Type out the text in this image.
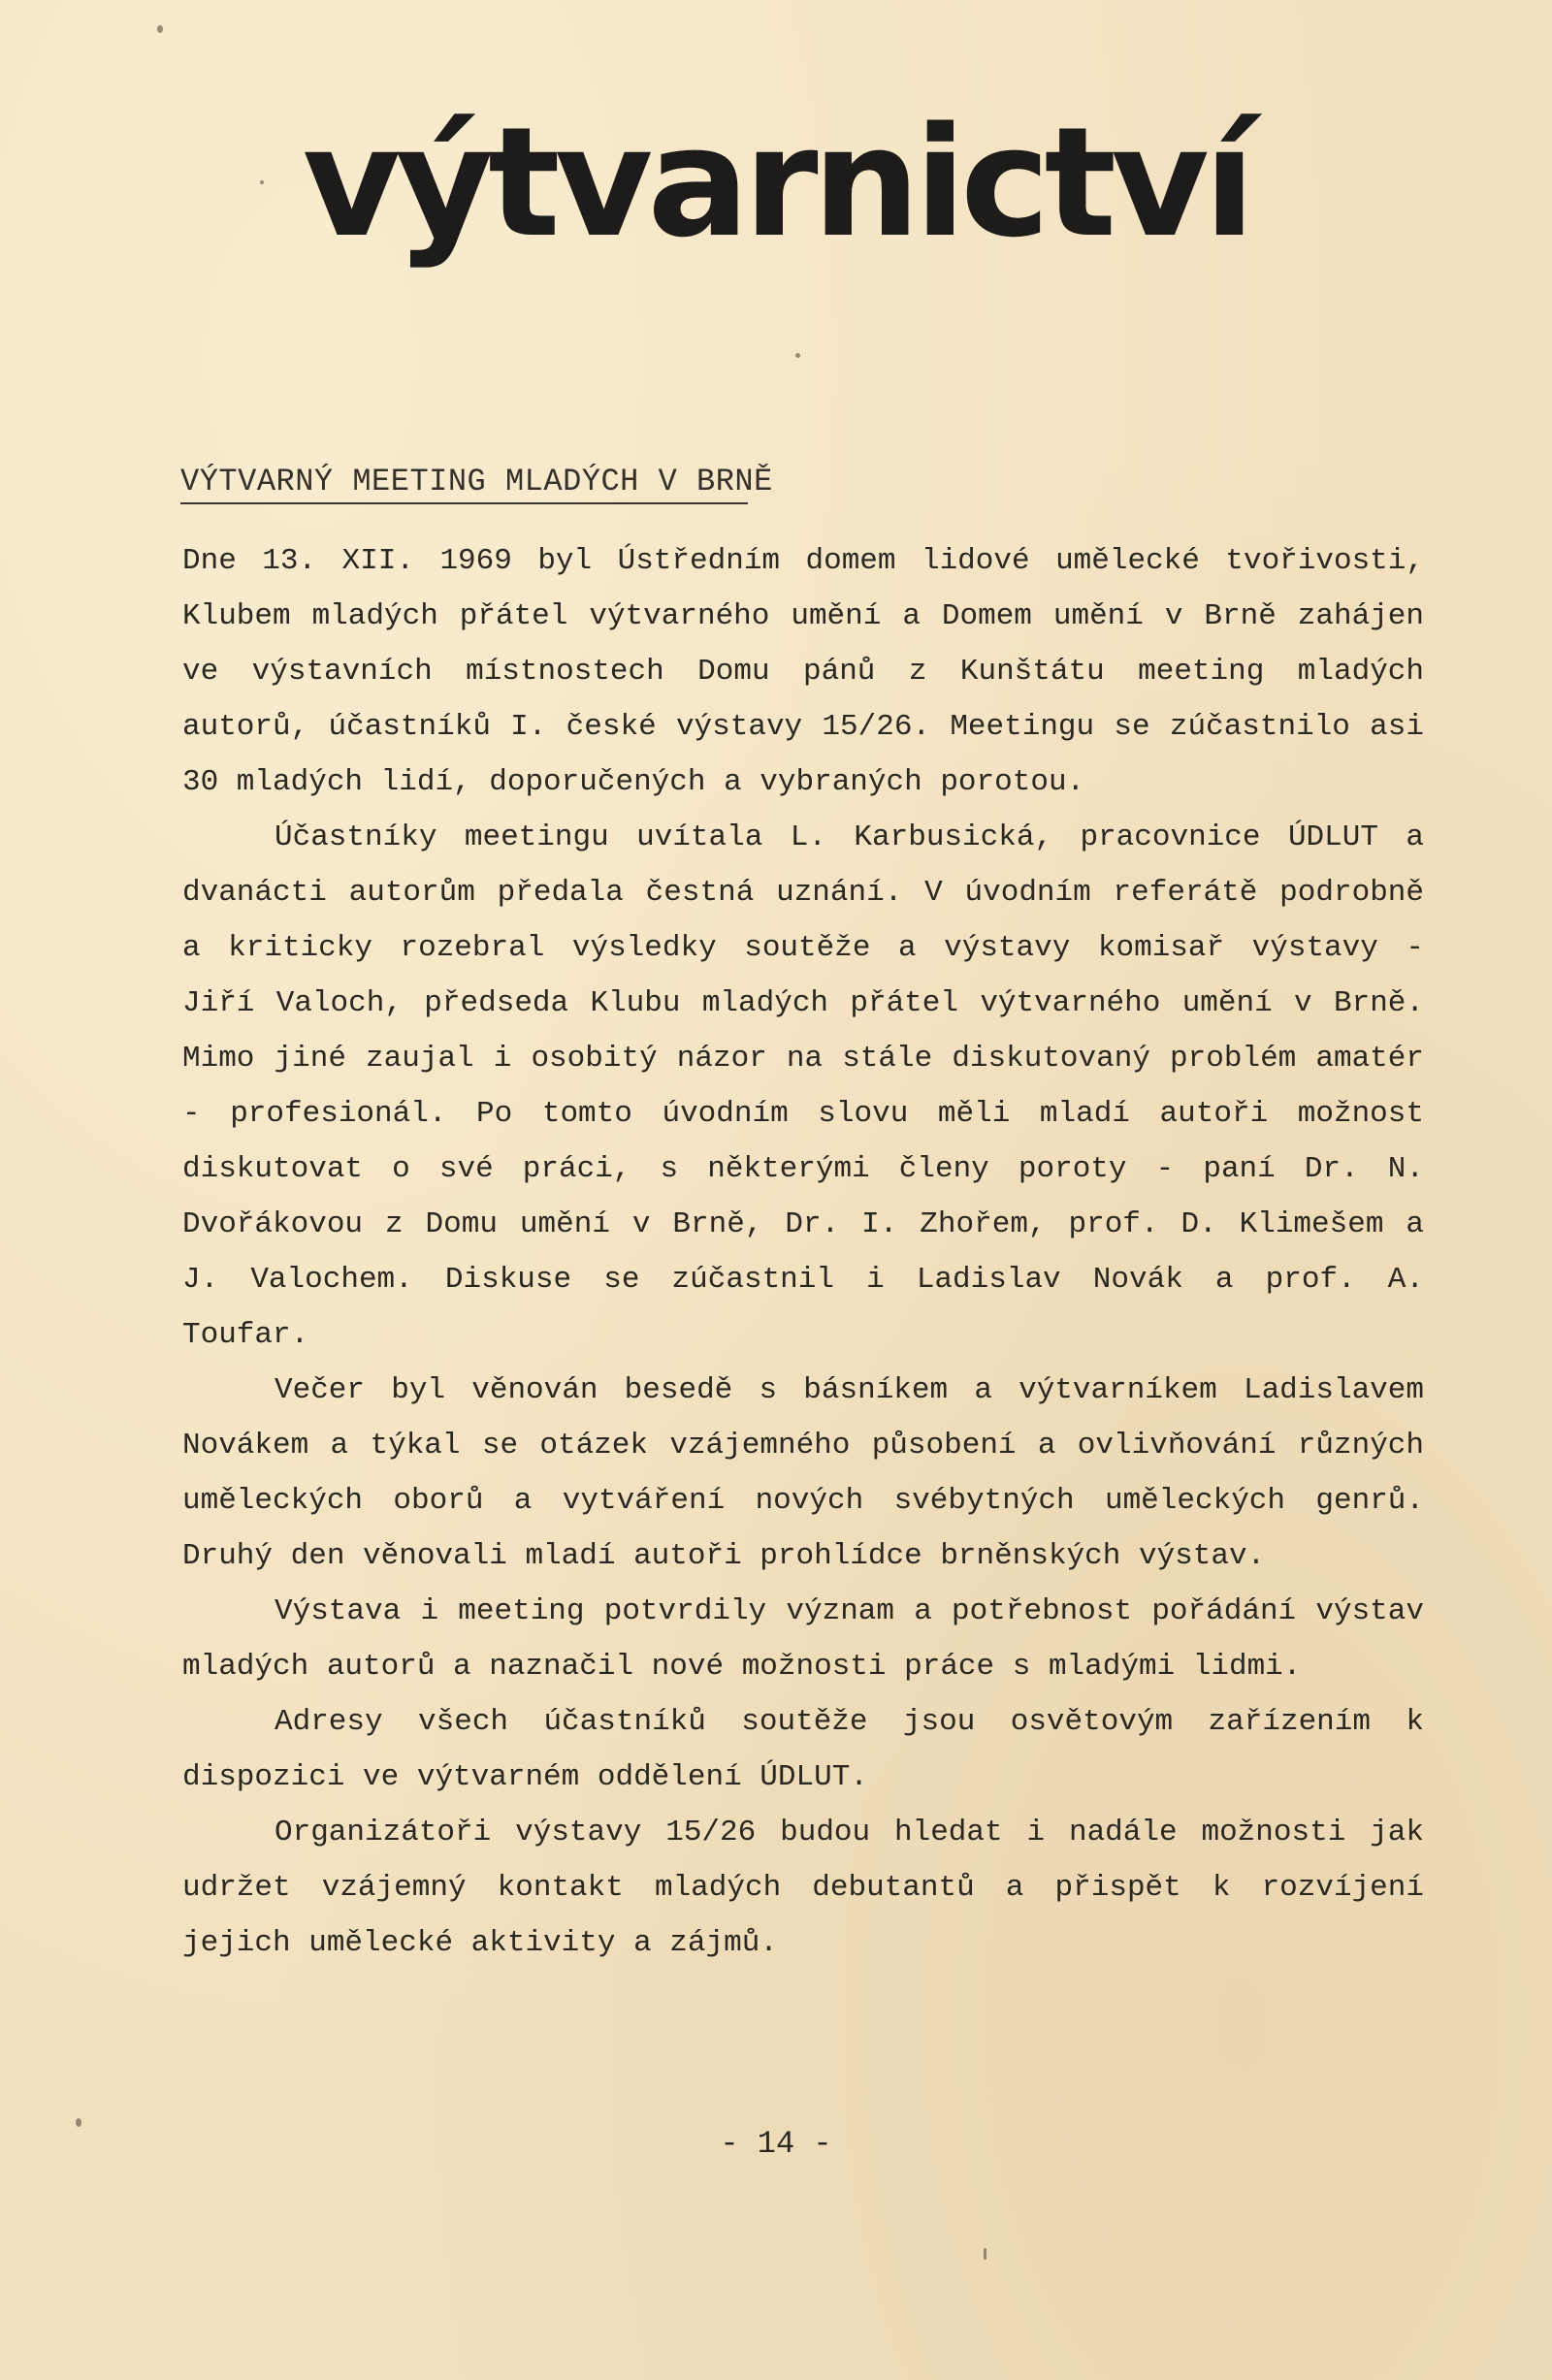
výtvarnictví
VÝTVARNÝ MEETING MLADÝCH V BRNĚ

Dne 13. XII. 1969 byl Ústředním domem lidové umělecké tvořivosti, Klubem mladých přátel výtvarného umění a Domem umění v Brně zahájen ve výstavních místnostech Domu pánů z Kunštátu meeting mladých autorů, účastníků I. české výstavy 15/26. Meetingu se zúčastnilo asi 30 mladých lidí, doporučených a vybraných porotou.

Účastníky meetingu uvítala L. Karbusická, pracovnice ÚDLUT a dvanácti autorům předala čestná uznání. V úvodním referátě podrobně a kriticky rozebral výsledky soutěže a výstavy komisař výstavy - Jiří Valoch, předseda Klubu mladých přátel výtvarného umění v Brně. Mimo jiné zaujal i osobitý názor na stále diskutovaný problém amatér - profesionál. Po tomto úvodním slovu měli mladí autoři možnost diskutovat o své práci, s některými členy poroty - paní Dr. N. Dvořákovou z Domu umění v Brně, Dr. I. Zhořem, prof. D. Klimešem a J. Valochem. Diskuse se zúčastnil i Ladislav Novák a prof. A. Toufar.

Večer byl věnován besedě s básníkem a výtvarníkem Ladislavem Novákem a týkal se otázek vzájemného působení a ovlivňování různých uměleckých oborů a vytváření nových svébytných uměleckých genrů. Druhý den věnovali mladí autoři prohlídce brněnských výstav.

Výstava i meeting potvrdily význam a potřebnost pořádání výstav mladých autorů a naznačil nové možnosti práce s mladými lidmi.

Adresy všech účastníků soutěže jsou osvětovým zařízením k dispozici ve výtvarném oddělení ÚDLUT.

Organizátoři výstavy 15/26 budou hledat i nadále možnosti jak udržet vzájemný kontakt mladých debutantů a přispět k rozvíjení jejich umělecké aktivity a zájmů.

- 14 -
